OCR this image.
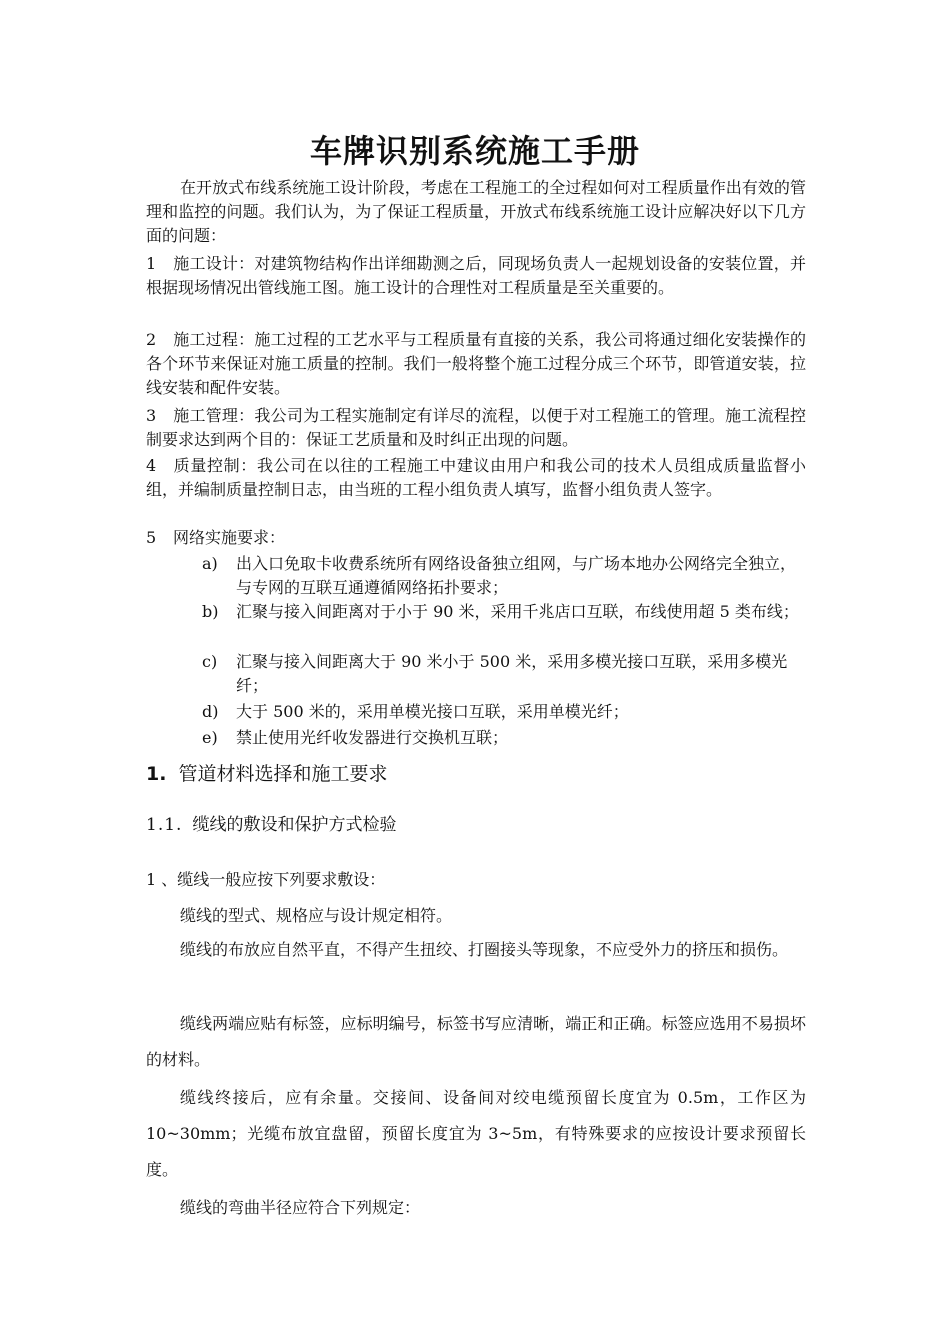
车牌识别系统施工手册

在开放式布线系统施工设计阶段，考虑在工程施工的全过程如何对工程质量作出有效的管理和监控的问题。我们认为，为了保证工程质量，开放式布线系统施工设计应解决好以下几方面的问题：

1 施工设计：对建筑物结构作出详细勘测之后，同现场负责人一起规划设备的安装位置，并根据现场情况出管线施工图。施工设计的合理性对工程质量是至关重要的。

2 施工过程：施工过程的工艺水平与工程质量有直接的关系，我公司将通过细化安装操作的各个环节来保证对施工质量的控制。我们一般将整个施工过程分成三个环节，即管道安装，拉线安装和配件安装。

3 施工管理：我公司为工程实施制定有详尽的流程，以便于对工程施工的管理。施工流程控制要求达到两个目的：保证工艺质量和及时纠正出现的问题。

4 质量控制：我公司在以往的工程施工中建议由用户和我公司的技术人员组成质量监督小组，并编制质量控制日志，由当班的工程小组负责人填写，监督小组负责人签字。

5 网络实施要求：

a)	出入口免取卡收费系统所有网络设备独立组网，与广场本地办公网络完全独立，与专网的互联互通遵循网络拓扑要求；

b)	汇聚与接入间距离对于小于 90 米，采用千兆店口互联，布线使用超 5 类布线；

c)	汇聚与接入间距离大于 90 米小于 500 米，采用多模光接口互联，采用多模光纤；

d)	大于 500 米的，采用单模光接口互联，采用单模光纤；

e)	禁止使用光纤收发器进行交换机互联；

1. 管道材料选择和施工要求
1.1. 缆线的敷设和保护方式检验

1 、缆线一般应按下列要求敷设：

缆线的型式、规格应与设计规定相符。

缆线的布放应自然平直，不得产生扭绞、打圈接头等现象，不应受外力的挤压和损伤。

缆线两端应贴有标签，应标明编号，标签书写应清晰，端正和正确。标签应选用不易损坏的材料。

缆线终接后，应有余量。交接间、设备间对绞电缆预留长度宜为 0.5m，工作区为 10~30mm；光缆布放宜盘留，预留长度宜为 3~5m，有特殊要求的应按设计要求预留长度。

缆线的弯曲半径应符合下列规定：
